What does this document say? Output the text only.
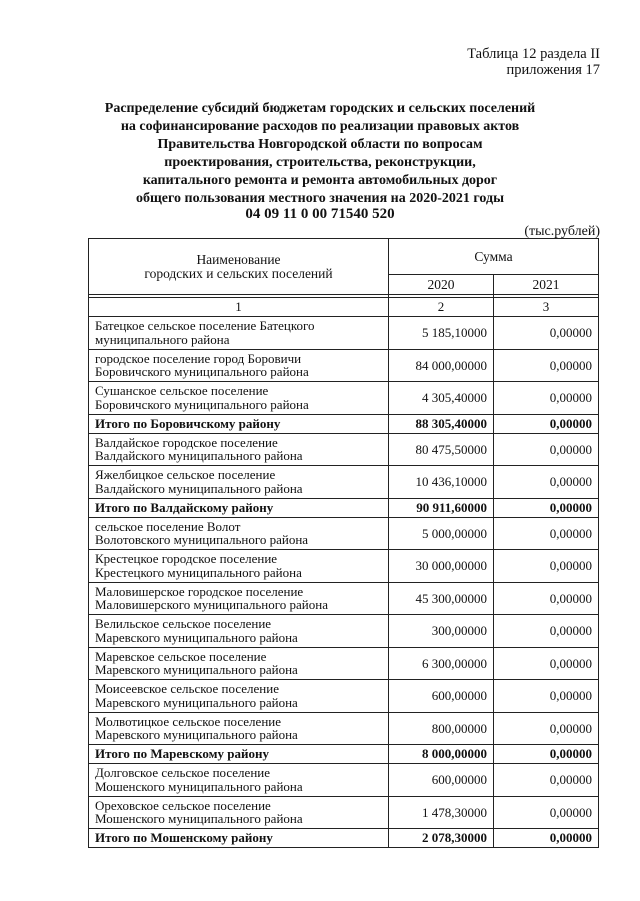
Таблица 12 раздела II
приложения 17
Распределение субсидий бюджетам городских и сельских поселений
на софинансирование расходов по реализации правовых актов
Правительства Новгородской области по вопросам
проектирования, строительства, реконструкции,
капитального ремонта и ремонта автомобильных дорог
общего пользования местного значения на 2020-2021 годы
04 09 11 0 00 71540 520
(тыс.рублей)
Наименование
городских и сельских поселений	Сумма	
	2020	2021

1	2	3

Батецкое сельское поселение Батецкого
муниципального района	5 185,10000	0,00000

городское поселение город Боровичи
Боровичского муниципального района	84 000,00000	0,00000

Сушанское сельское поселение
Боровичского муниципального района	4 305,40000	0,00000

Итого по Боровичскому району	88 305,40000	0,00000

Валдайское городское поселение
Валдайского муниципального района	80 475,50000	0,00000

Яжелбицкое сельское поселение
Валдайского муниципального района	10 436,10000	0,00000

Итого по Валдайскому району	90 911,60000	0,00000

сельское поселение Волот
Волотовского муниципального района	5 000,00000	0,00000

Крестецкое городское поселение
Крестецкого муниципального района	30 000,00000	0,00000

Маловишерское городское поселение
Маловишерского муниципального района	45 300,00000	0,00000

Велильское сельское поселение
Маревского муниципального района	300,00000	0,00000

Маревское сельское поселение
Маревского муниципального района	6 300,00000	0,00000

Моисеевское сельское поселение
Маревского муниципального района	600,00000	0,00000

Молвотицкое сельское поселение
Маревского муниципального района	800,00000	0,00000

Итого по Маревскому району	8 000,00000	0,00000

Долговское сельское поселение
Мошенского муниципального района	600,00000	0,00000

Ореховское сельское поселение
Мошенского муниципального района	1 478,30000	0,00000

Итого по Мошенскому району	2 078,30000	0,00000
